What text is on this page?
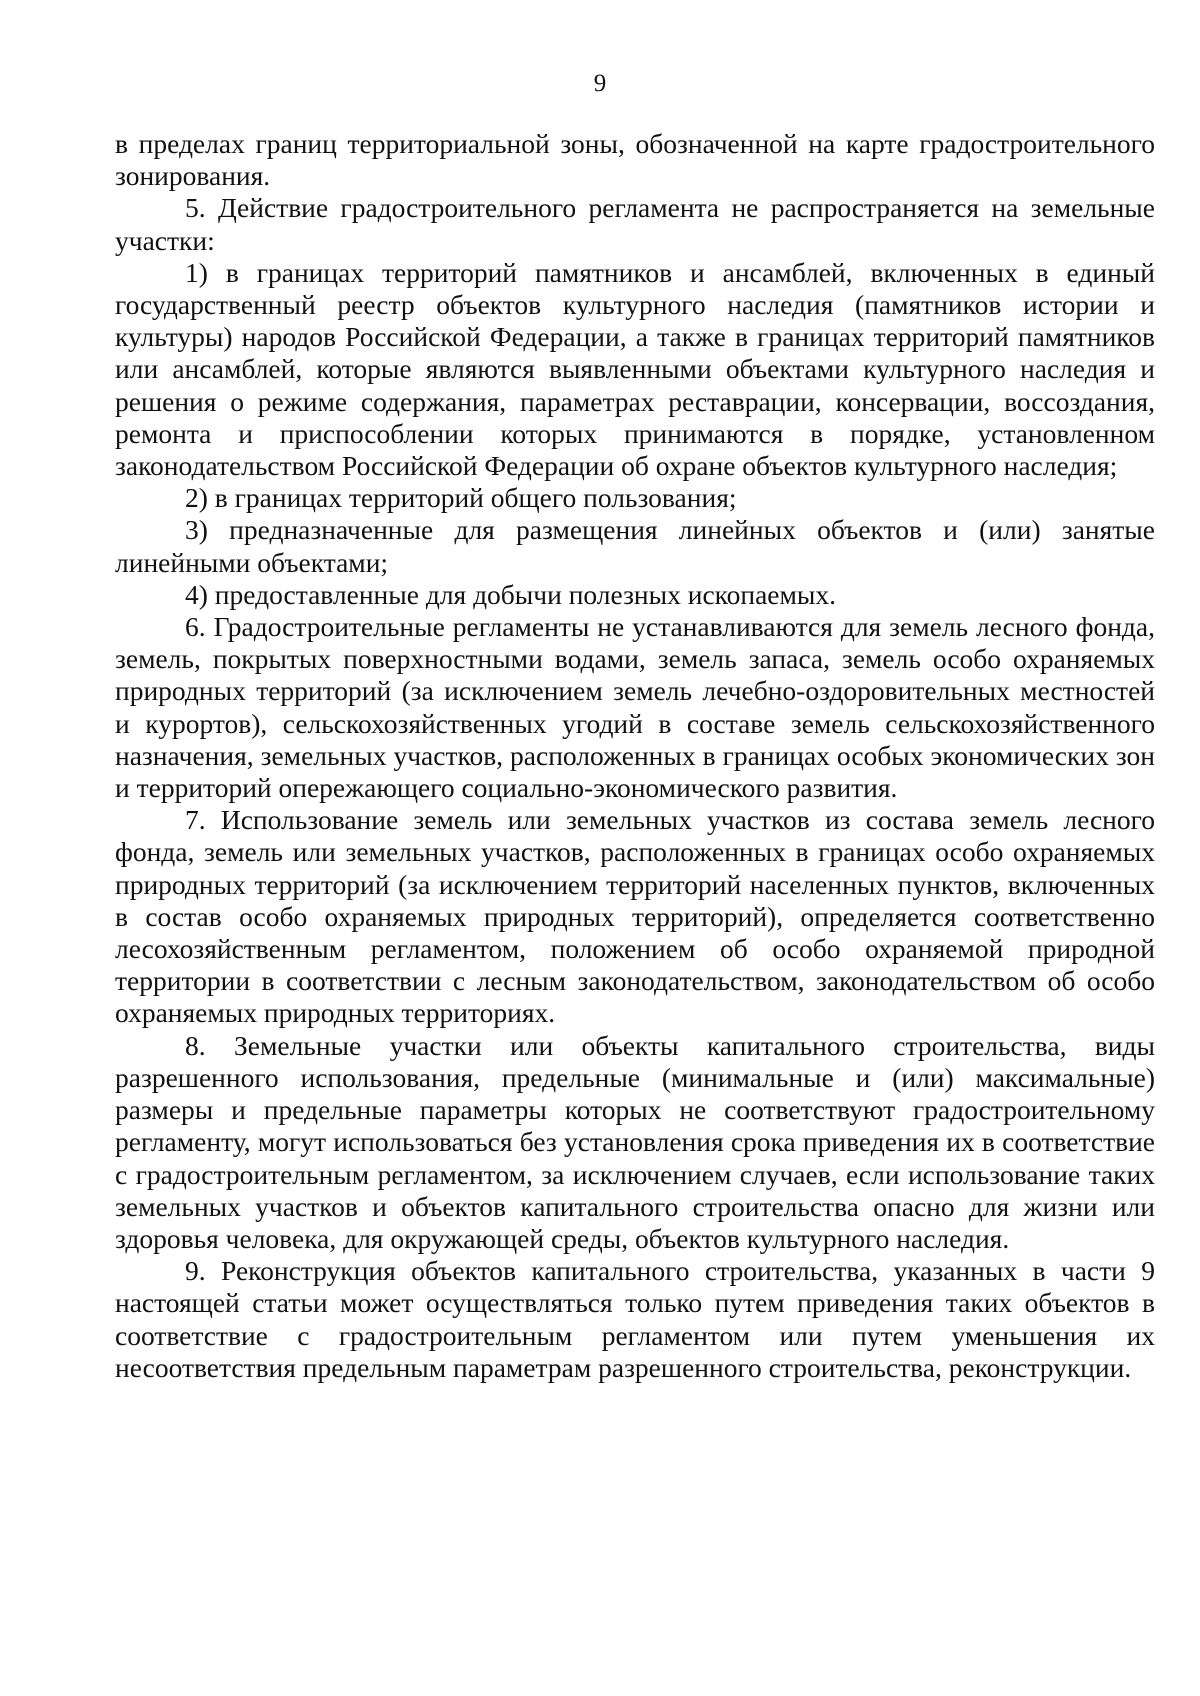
9

в пределах границ территориальной зоны, обозначенной на карте градостроительного зонирования.

5. Действие градостроительного регламента не распространяется на земельные участки:

1) в границах территорий памятников и ансамблей, включенных в единый государственный реестр объектов культурного наследия (памятников истории и культуры) народов Российской Федерации, а также в границах территорий памятников или ансамблей, которые являются выявленными объектами культурного наследия и решения о режиме содержания, параметрах реставрации, консервации, воссоздания, ремонта и приспособлении которых принимаются в порядке, установленном законодательством Российской Федерации об охране объектов культурного наследия;

2) в границах территорий общего пользования;

3) предназначенные для размещения линейных объектов и (или) занятые линейными объектами;

4) предоставленные для добычи полезных ископаемых.

6. Градостроительные регламенты не устанавливаются для земель лесного фонда, земель, покрытых поверхностными водами, земель запаса, земель особо охраняемых природных территорий (за исключением земель лечебно-оздоровительных местностей и курортов), сельскохозяйственных угодий в составе земель сельскохозяйственного назначения, земельных участков, расположенных в границах особых экономических зон и территорий опережающего социально-экономического развития.

7. Использование земель или земельных участков из состава земель лесного фонда, земель или земельных участков, расположенных в границах особо охраняемых природных территорий (за исключением территорий населенных пунктов, включенных в состав особо охраняемых природных территорий), определяется соответственно лесохозяйственным регламентом, положением об особо охраняемой природной территории в соответствии с лесным законодательством, законодательством об особо охраняемых природных территориях.

8. Земельные участки или объекты капитального строительства, виды разрешенного использования, предельные (минимальные и (или) максимальные) размеры и предельные параметры которых не соответствуют градостроительному регламенту, могут использоваться без установления срока приведения их в соответствие с градостроительным регламентом, за исключением случаев, если использование таких земельных участков и объектов капитального строительства опасно для жизни или здоровья человека, для окружающей среды, объектов культурного наследия.

9. Реконструкция объектов капитального строительства, указанных в части 9 настоящей статьи может осуществляться только путем приведения таких объектов в соответствие с градостроительным регламентом или путем уменьшения их несоответствия предельным параметрам разрешенного строительства, реконструкции.
